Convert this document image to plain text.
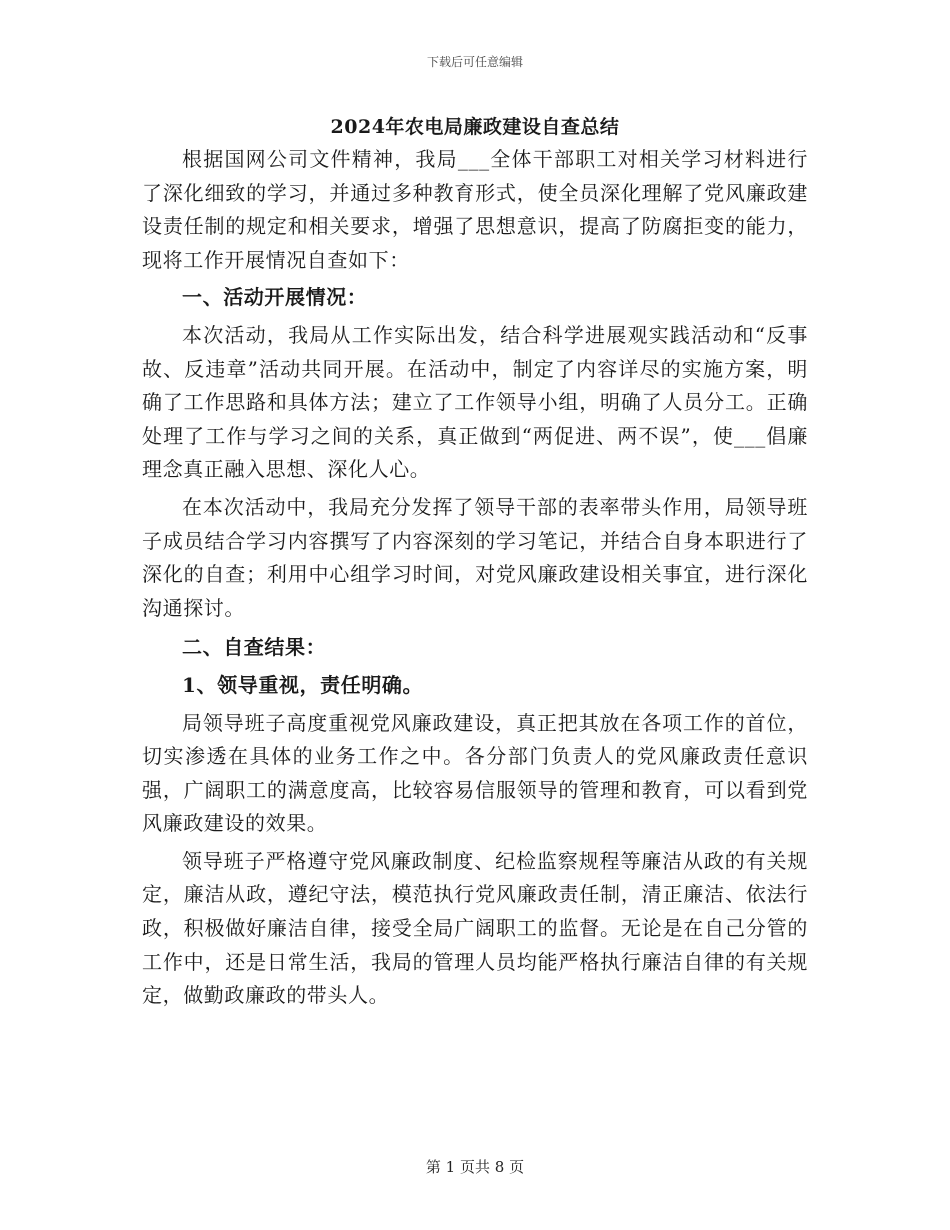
下载后可任意编辑
2024年农电局廉政建设自查总结

根据国网公司文件精神，我局___全体干部职工对相关学习材料进行了深化细致的学习，并通过多种教育形式，使全员深化理解了党风廉政建设责任制的规定和相关要求，增强了思想意识，提高了防腐拒变的能力，现将工作开展情况自查如下：

一、活动开展情况：

本次活动，我局从工作实际出发，结合科学进展观实践活动和“反事故、反违章”活动共同开展。在活动中，制定了内容详尽的实施方案，明确了工作思路和具体方法；建立了工作领导小组，明确了人员分工。正确处理了工作与学习之间的关系，真正做到“两促进、两不误”，使___倡廉理念真正融入思想、深化人心。

在本次活动中，我局充分发挥了领导干部的表率带头作用，局领导班子成员结合学习内容撰写了内容深刻的学习笔记，并结合自身本职进行了深化的自查；利用中心组学习时间，对党风廉政建设相关事宜，进行深化沟通探讨。

二、自查结果：

1、领导重视，责任明确。

局领导班子高度重视党风廉政建设，真正把其放在各项工作的首位，切实渗透在具体的业务工作之中。各分部门负责人的党风廉政责任意识强，广阔职工的满意度高，比较容易信服领导的管理和教育，可以看到党风廉政建设的效果。

领导班子严格遵守党风廉政制度、纪检监察规程等廉洁从政的有关规定，廉洁从政，遵纪守法，模范执行党风廉政责任制，清正廉洁、依法行政，积极做好廉洁自律，接受全局广阔职工的监督。无论是在自己分管的工作中，还是日常生活，我局的管理人员均能严格执行廉洁自律的有关规定，做勤政廉政的带头人。

第 1 页共 8 页
